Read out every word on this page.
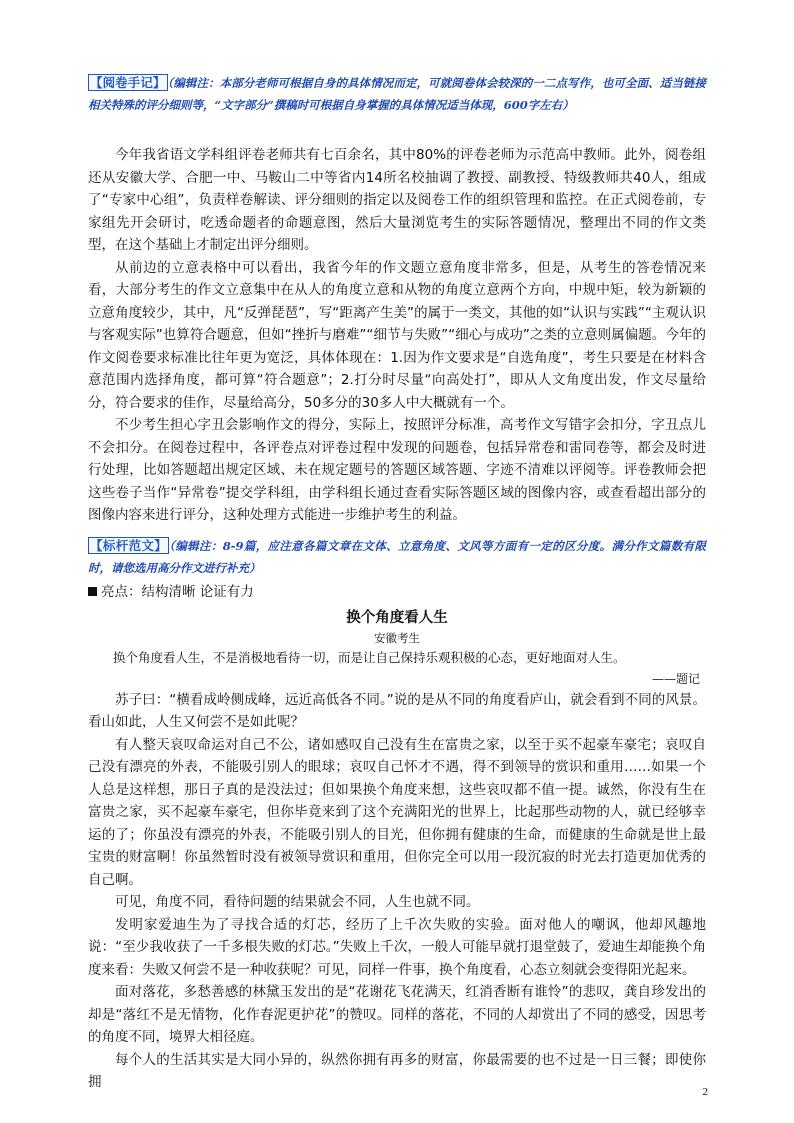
【阅卷手记】 （编辑注：本部分老师可根据自身的具体情况而定，可就阅卷体会较深的一二点写作，也可全面、适当链接相关特殊的评分细则等，“文字部分”撰稿时可根据自身掌握的具体情况适当体现，600字左右）

今年我省语文学科组评卷老师共有七百余名，其中80%的评卷老师为示范高中教师。此外，阅卷组还从安徽大学、合肥一中、马鞍山二中等省内14所名校抽调了教授、副教授、特级教师共40人，组成了“专家中心组”，负责样卷解读、评分细则的指定以及阅卷工作的组织管理和监控。在正式阅卷前，专家组先开会研讨，吃透命题者的命题意图，然后大量浏览考生的实际答题情况，整理出不同的作文类型，在这个基础上才制定出评分细则。

从前边的立意表格中可以看出，我省今年的作文题立意角度非常多，但是，从考生的答卷情况来看，大部分考生的作文立意集中在从人的角度立意和从物的角度立意两个方向，中规中矩，较为新颖的立意角度较少，其中，凡“反弹琵琶”，写“距离产生美”的属于一类文，其他的如“认识与实践”“主观认识与客观实际”也算符合题意，但如“挫折与磨难”“细节与失败”“细心与成功”之类的立意则属偏题。今年的作文阅卷要求标准比往年更为宽泛，具体体现在：1.因为作文要求是“自选角度”，考生只要是在材料含意范围内选择角度，都可算“符合题意”；2.打分时尽量“向高处打”，即从人文角度出发，作文尽量给分，符合要求的佳作，尽量给高分，50多分的30多人中大概就有一个。

不少考生担心字丑会影响作文的得分，实际上，按照评分标准，高考作文写错字会扣分，字丑点儿不会扣分。在阅卷过程中，各评卷点对评卷过程中发现的问题卷，包括异常卷和雷同卷等，都会及时进行处理，比如答题超出规定区域、未在规定题号的答题区域答题、字迹不清难以评阅等。评卷教师会把这些卷子当作“异常卷”提交学科组，由学科组长通过查看实际答题区域的图像内容，或查看超出部分的图像内容来进行评分，这种处理方式能进一步维护考生的利益。

【标杆范文】 （编辑注：8-9篇，应注意各篇文章在文体、立意角度、文风等方面有一定的区分度。满分作文篇数有限时，请您选用高分作文进行补充）
亮点：结构清晰 论证有力
换个角度看人生
安徽考生

换个角度看人生，不是消极地看待一切，而是让自己保持乐观积极的心态，更好地面对人生。

——题记

苏子曰：“横看成岭侧成峰，远近高低各不同。”说的是从不同的角度看庐山，就会看到不同的风景。看山如此，人生又何尝不是如此呢？

有人整天哀叹命运对自己不公，诸如感叹自己没有生在富贵之家，以至于买不起豪车豪宅；哀叹自己没有漂亮的外表，不能吸引别人的眼球；哀叹自己怀才不遇，得不到领导的赏识和重用……如果一个人总是这样想，那日子真的是没法过；但如果换个角度来想，这些哀叹都不值一提。诚然，你没有生在富贵之家，买不起豪车豪宅，但你毕竟来到了这个充满阳光的世界上，比起那些动物的人，就已经够幸运的了；你虽没有漂亮的外表，不能吸引别人的目光，但你拥有健康的生命，而健康的生命就是世上最宝贵的财富啊！你虽然暂时没有被领导赏识和重用，但你完全可以用一段沉寂的时光去打造更加优秀的自己啊。

可见，角度不同，看待问题的结果就会不同，人生也就不同。

发明家爱迪生为了寻找合适的灯芯，经历了上千次失败的实验。面对他人的嘲讽，他却风趣地说：“至少我收获了一千多根失败的灯芯。”失败上千次，一般人可能早就打退堂鼓了，爱迪生却能换个角度来看：失败又何尝不是一种收获呢？可见，同样一件事，换个角度看，心态立刻就会变得阳光起来。

面对落花，多愁善感的林黛玉发出的是“花谢花飞花满天，红消香断有谁怜”的悲叹，龚自珍发出的却是“落红不是无情物，化作春泥更护花”的赞叹。同样的落花，不同的人却赏出了不同的感受，因思考的角度不同，境界大相径庭。

每个人的生活其实是大同小异的，纵然你拥有再多的财富，你最需要的也不过是一日三餐；即使你拥

2
